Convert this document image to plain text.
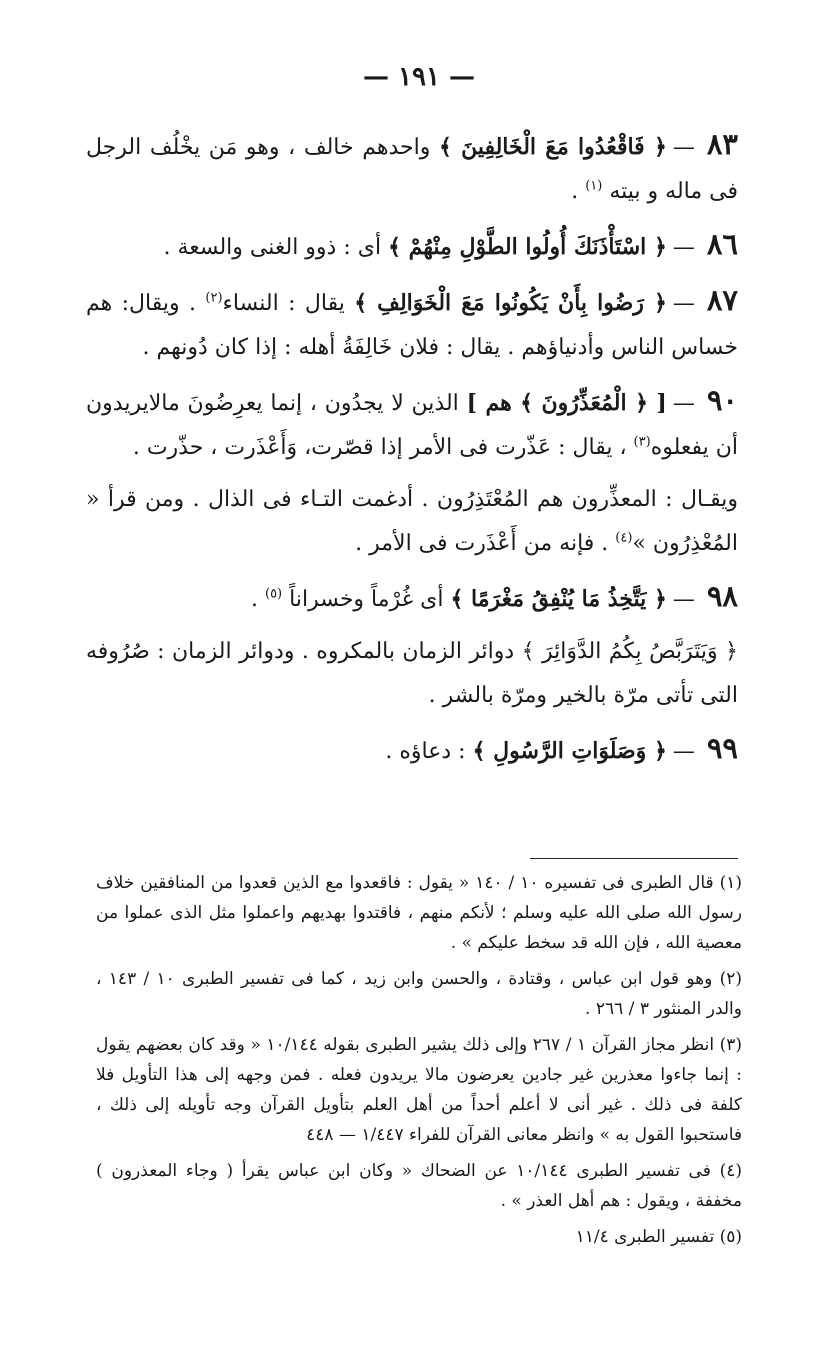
— ١٩١ —

٨٣—﴿ فَاقْعُدُوا مَعَ الْخَالِفِينَ ﴾ واحدهم خالف ، وهو مَن يخْلُف الرجل فى ماله و بيته $^{(١)}$ .

٨٦—﴿ اسْتَأْذَنَكَ أُولُوا الطَّوْلِ مِنْهُمْ ﴾ أى : ذوو الغنى والسعة .

٨٧—﴿ رَضُوا بِأَنْ يَكُونُوا مَعَ الْخَوَالِفِ ﴾ يقال : النساء$^{(٢)}$ . ويقال: هم خساس الناس وأدنياؤهم . يقال : فلان خَالِفَةُ أهله : إذا كان دُونهم .

٩٠—[ ﴿ الْمُعَذِّرُونَ ﴾ هم ] الذين لا يجدُون ، إنما يعرِضُونَ مالايريدون أن يفعلوه$^{(٣)}$ ، يقال : عَذّرت فى الأمر إذا قصّرت، وَأَعْذَرت ، حذّرت .

ويقـال : المعذِّرون هم المُعْتَذِرُون . أدغمت التـاء فى الذال . ومن قرأ « المُعْذِرُون »$^{(٤)}$ . فإنه من أَعْذَرت فى الأمر .

٩٨—﴿ يَتَّخِذُ مَا يُنْفِقُ مَغْرَمًا ﴾ أى غُرْماً وخسراناً $^{(٥)}$ .

﴿ وَيَتَرَبَّصُ بِكُمُ الدَّوَائِرَ ﴾ دوائر الزمان بالمكروه . ودوائر الزمان : صُرُوفه التى تأتى مرّة بالخير ومرّة بالشر .

٩٩—﴿ وَصَلَوَاتِ الرَّسُولِ ﴾ : دعاؤه .

(١) قال الطبرى فى تفسيره ١٠ / ١٤٠ « يقول : فاقعدوا مع الذين قعدوا من المنافقين خلاف رسول الله صلى الله عليه وسلم ؛ لأنكم منهم ، فاقتدوا بهديهم واعملوا مثل الذى عملوا من معصية الله ، فإن الله قد سخط عليكم » .

(٢) وهو قول ابن عباس ، وقتادة ، والحسن وابن زيد ، كما فى تفسير الطبرى ١٠ / ١٤٣ ، والدر المنثور ٣ / ٢٦٦ .

(٣) انظر مجاز القرآن ١ / ٢٦٧ وإلى ذلك يشير الطبرى بقوله ١٠/١٤٤ « وقد كان بعضهم يقول : إنما جاءوا معذرين غير جادين يعرضون مالا يريدون فعله . فمن وجهه إلى هذا التأويل فلا كلفة فى ذلك . غير أنى لا أعلم أحداً من أهل العلم بتأويل القرآن وجه تأويله إلى ذلك ، فاستحبوا القول به » وانظر معانى القرآن للفراء ١/٤٤٧ — ٤٤٨

(٤) فى تفسير الطبرى ١٠/١٤٤ عن الضحاك « وكان ابن عباس يقرأ ( وجاء المعذرون ) مخففة ، ويقول : هم أهل العذر » .

(٥) تفسير الطبرى ١١/٤
